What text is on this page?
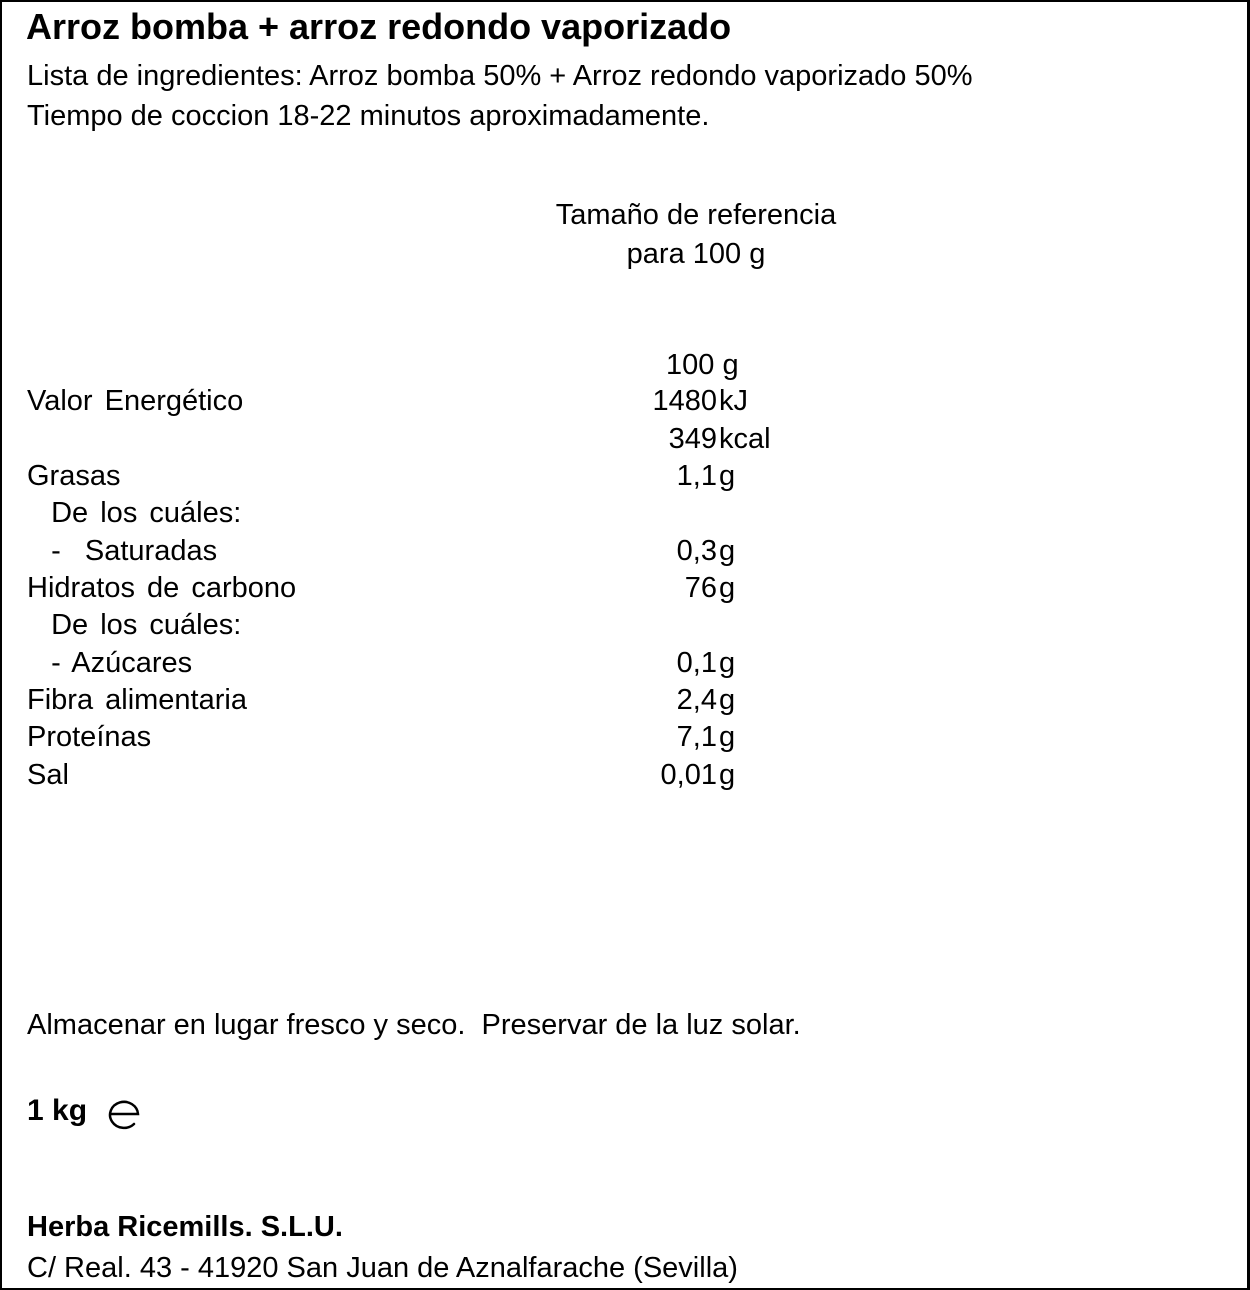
Arroz bomba + arroz redondo vaporizado
Lista de ingredientes: Arroz bomba 50% + Arroz redondo vaporizado 50%
Tiempo de coccion 18-22 minutos aproximadamente.
Tamaño de referencia
para 100 g
100 g
Valor Energético	1480 kJ
349 kcal
Grasas	1,1 g
De los cuáles:
-  Saturadas	0,3 g
Hidratos de carbono	76 g
De los cuáles:
- Azúcares	0,1 g
Fibra alimentaria	2,4 g
Proteínas	7,1 g
Sal	0,01 g
Almacenar en lugar fresco y seco.  Preservar de la luz solar.
1 kg
Herba Ricemills. S.L.U.
C/ Real. 43 - 41920 San Juan de Aznalfarache (Sevilla)
